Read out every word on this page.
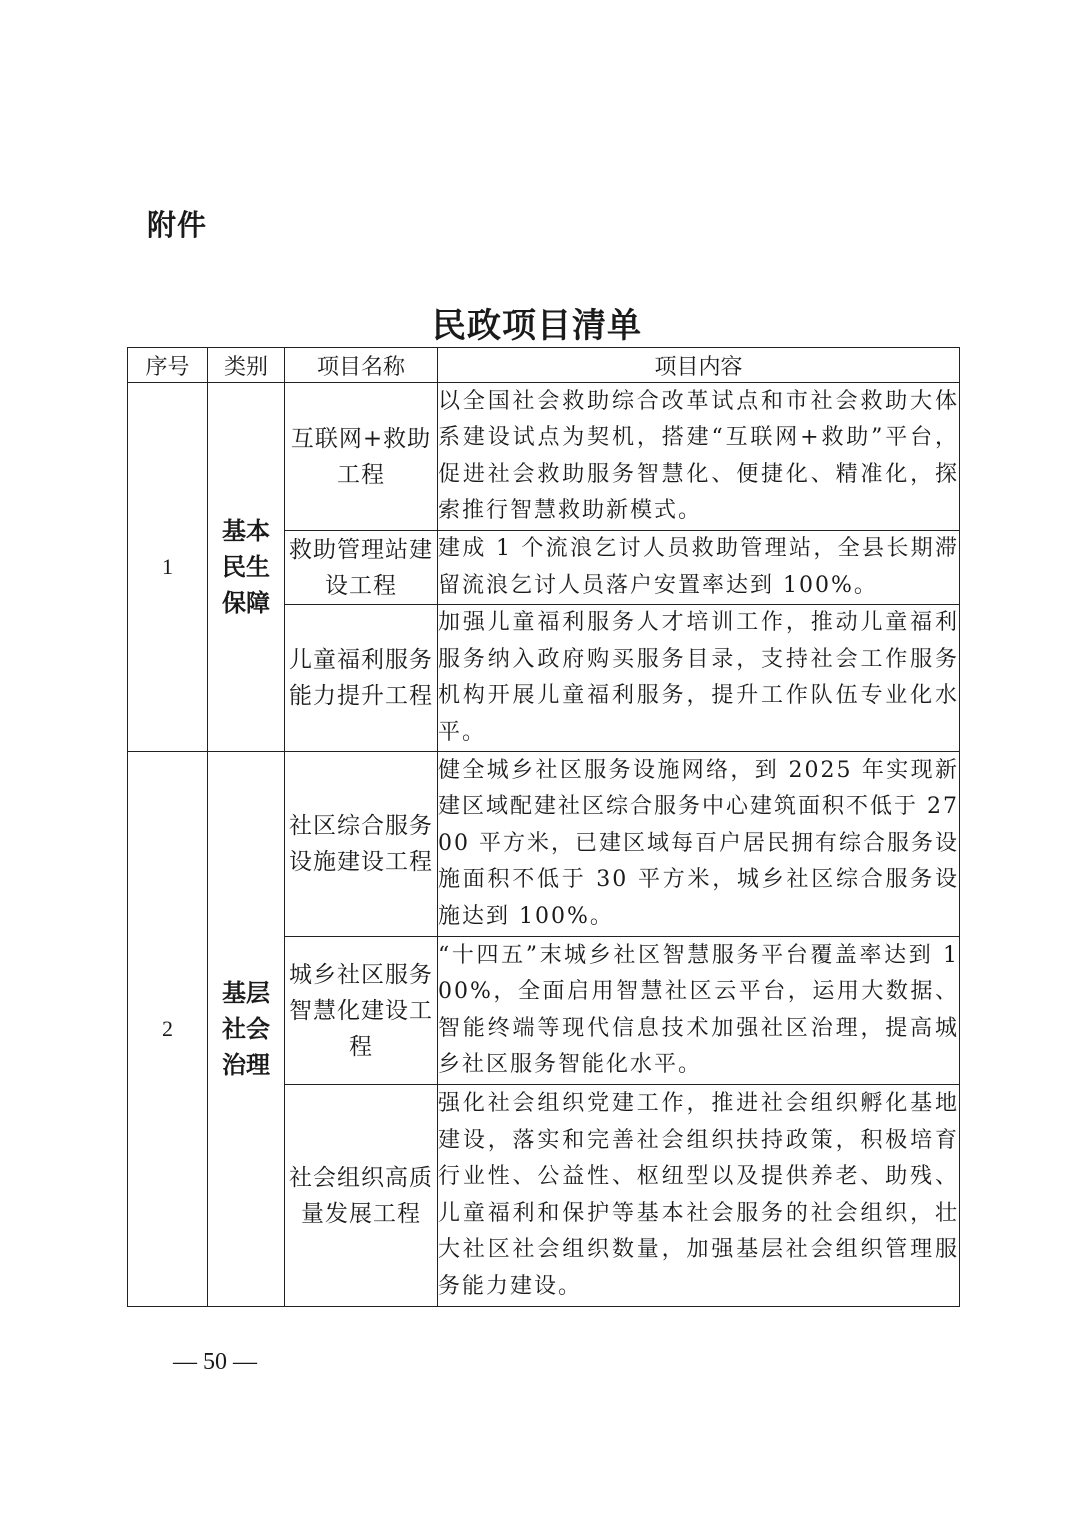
附件
民政项目清单
序号	类别	项目名称	项目内容
1	基本民生保障	互联网+救助工程	以全国社会救助综合改革试点和市社会救助大体系建设试点为契机，搭建“互联网+救助”平台，促进社会救助服务智慧化、便捷化、精准化，探索推行智慧救助新模式。
		救助管理站建设工程	建成 1 个流浪乞讨人员救助管理站，全县长期滞留流浪乞讨人员落户安置率达到 100%。
		儿童福利服务能力提升工程	加强儿童福利服务人才培训工作，推动儿童福利服务纳入政府购买服务目录，支持社会工作服务机构开展儿童福利服务，提升工作队伍专业化水平。
2	基层社会治理	社区综合服务设施建设工程	健全城乡社区服务设施网络，到 2025 年实现新建区域配建社区综合服务中心建筑面积不低于 2700 平方米，已建区域每百户居民拥有综合服务设施面积不低于 30 平方米，城乡社区综合服务设施达到 100%。
		城乡社区服务智慧化建设工程	“十四五”末城乡社区智慧服务平台覆盖率达到 100%，全面启用智慧社区云平台，运用大数据、智能终端等现代信息技术加强社区治理，提高城乡社区服务智能化水平。
		社会组织高质量发展工程	强化社会组织党建工作，推进社会组织孵化基地建设，落实和完善社会组织扶持政策，积极培育行业性、公益性、枢纽型以及提供养老、助残、儿童福利和保护等基本社会服务的社会组织，壮大社区社会组织数量，加强基层社会组织管理服务能力建设。
— 50 —
